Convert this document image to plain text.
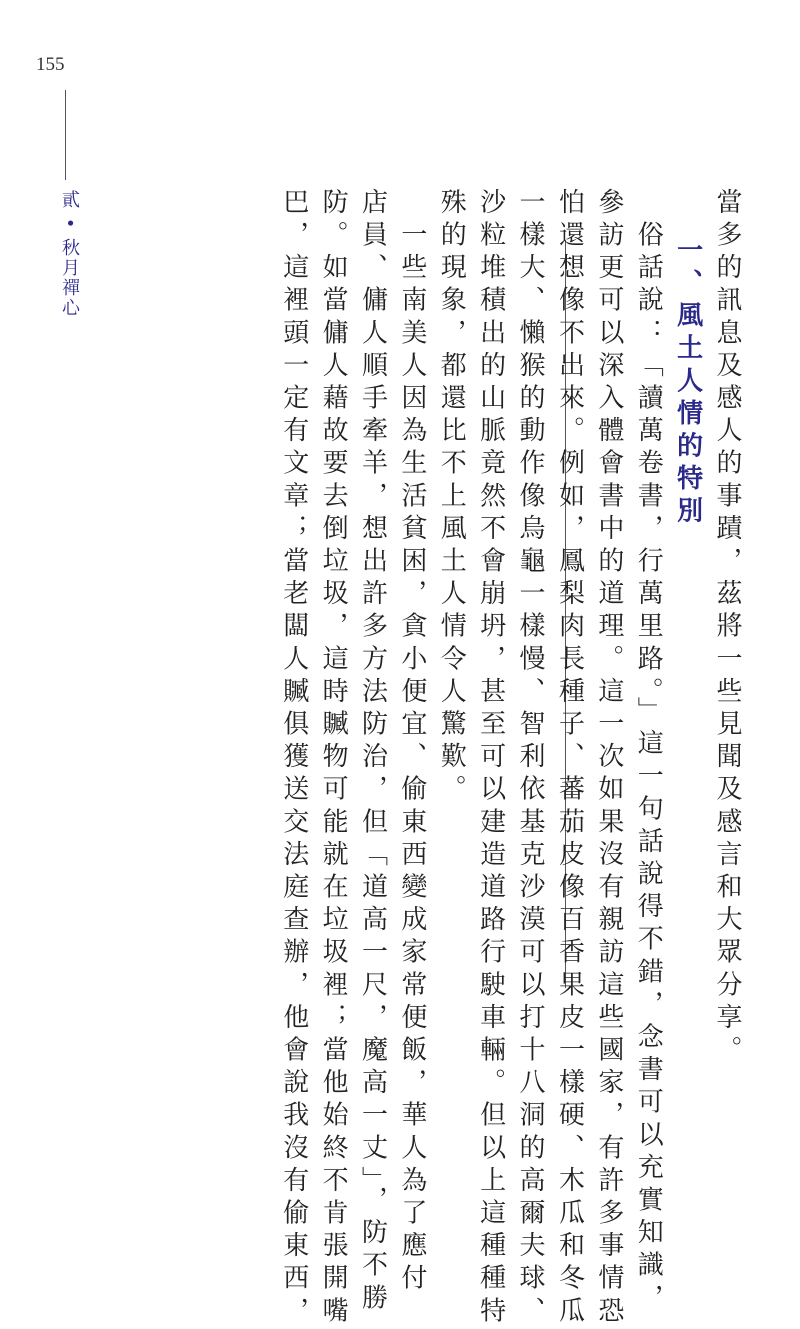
155
貳 • 秋月禪心	當多的訊息及感人的事蹟，茲將一些見聞及感言和大眾分享。
一、風土人情的特別
　俗話說：「讀萬卷書，行萬里路。」這一句話說得不錯，念書可以充實知識，
參訪更可以深入體會書中的道理。這一次如果沒有親訪這些國家，有許多事情恐
怕還想像不出來。例如，鳳梨肉長種子、蕃茄皮像百香果皮一樣硬、木瓜和冬瓜
一樣大、懶猴的動作像烏龜一樣慢、智利依基克沙漠可以打十八洞的高爾夫球、
沙粒堆積出的山脈竟然不會崩坍，甚至可以建造道路行駛車輛。但以上這種種特
殊的現象，都還比不上風土人情令人驚歎。
　一些南美人因為生活貧困，貪小便宜、偷東西變成家常便飯，華人為了應付
店員、傭人順手牽羊，想出許多方法防治，但「道高一尺，魔高一丈」，防不勝
防。如當傭人藉故要去倒垃圾，這時贓物可能就在垃圾裡；當他始終不肯張開嘴
巴，這裡頭一定有文章；當老闆人贓俱獲送交法庭查辦，他會說我沒有偷東西，
